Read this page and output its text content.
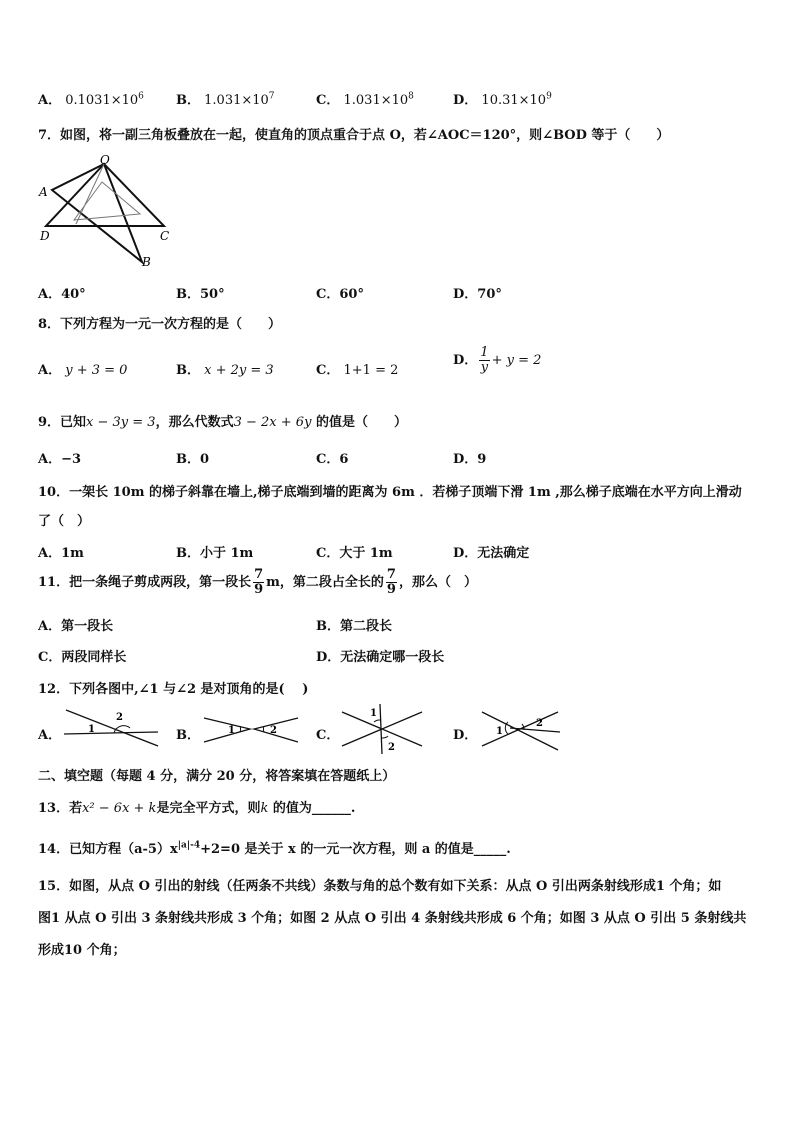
A． $0.1031\times 10^6$ B． $1.031\times 10^7$	C． $1.031\times 10^8$	D． $10.31\times 10^9$
7．如图，将一副三角板叠放在一起，使直角的顶点重合于点 O，若∠AOC＝120°，则∠BOD 等于（　　）
O
A
D	C
B
A．40°	B．50°	C．60°	D．70°
8．下列方程为一元一次方程的是（　　）
A． y + 3 = 0	B． x + 2y = 3	C． 1+1 = 2
D． $\frac{1}{y} + y = 2$
9．已知x − 3y = 3，那么代数式3 − 2x + 6y 的值是（　　）
A．−3	B．0	C．6	D．9
10．一架长 10m 的梯子斜靠在墙上,梯子底端到墙的距离为 6m ．若梯子顶端下滑 1m ,那么梯子底端在水平方向上滑动
了（　）
A．1m	B．小于 1m	C．大于 1m	D．无法确定
11．把一条绳子剪成两段，第一段长 $\frac{7}{9}$ m，第二段占全长的 $\frac{7}{9}$ ，那么（　）
A．第一段长	B．第二段长
C．两段同样长	D．无法确定哪一段长
12．下列各图中,∠1 与∠2 是对顶角的是(　 )
A．	1
2
B．	1	2	C．
1
2
D． 1
2
二、填空题（每题 4 分，满分 20 分，将答案填在答题纸上）
13．若x² − 6x + k是完全平方式，则k 的值为______.
14．已知方程$(a-5)x^{|a|-4}+2=0$ 是关于 x 的一元一次方程，则 a 的值是_____.
15．如图，从点 O 引出的射线（任两条不共线）条数与角的总个数有如下关系：从点 O 引出两条射线形成1 个角；如
图1 从点 O 引出 3 条射线共形成 3 个角；如图 2 从点 O 引出 4 条射线共形成 6 个角；如图 3 从点 O 引出 5 条射线共
形成10 个角；
